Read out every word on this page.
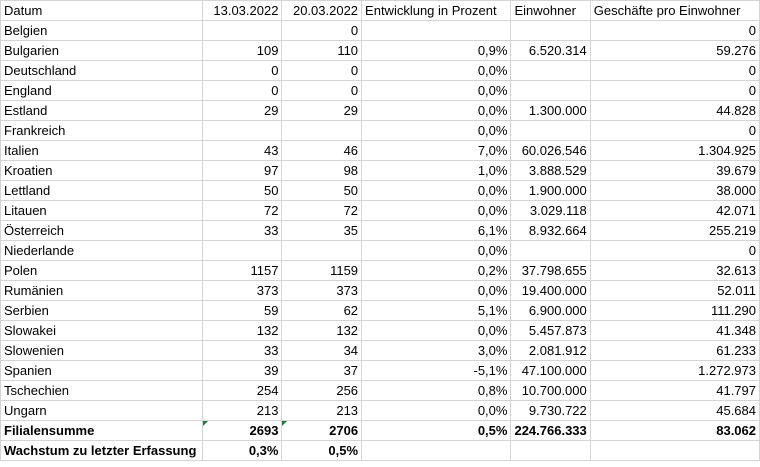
Datum	13.03.2022	20.03.2022	Entwicklung in Prozent	Einwohner	Geschäfte pro Einwohner
Belgien		0			0
Bulgarien	109	110	0,9%	6.520.314	59.276
Deutschland	0	0	0,0%		0
England	0	0	0,0%		0
Estland	29	29	0,0%	1.300.000	44.828
Frankreich			0,0%		0
Italien	43	46	7,0%	60.026.546	1.304.925
Kroatien	97	98	1,0%	3.888.529	39.679
Lettland	50	50	0,0%	1.900.000	38.000
Litauen	72	72	0,0%	3.029.118	42.071
Österreich	33	35	6,1%	8.932.664	255.219
Niederlande			0,0%		0
Polen	1157	1159	0,2%	37.798.655	32.613
Rumänien	373	373	0,0%	19.400.000	52.011
Serbien	59	62	5,1%	6.900.000	111.290
Slowakei	132	132	0,0%	5.457.873	41.348
Slowenien	33	34	3,0%	2.081.912	61.233
Spanien	39	37	-5,1%	47.100.000	1.272.973
Tschechien	254	256	0,8%	10.700.000	41.797
Ungarn	213	213	0,0%	9.730.722	45.684
Filialensumme	2693	2706	0,5%	224.766.333	83.062
Wachstum zu letzter Erfassung	0,3%	0,5%			
